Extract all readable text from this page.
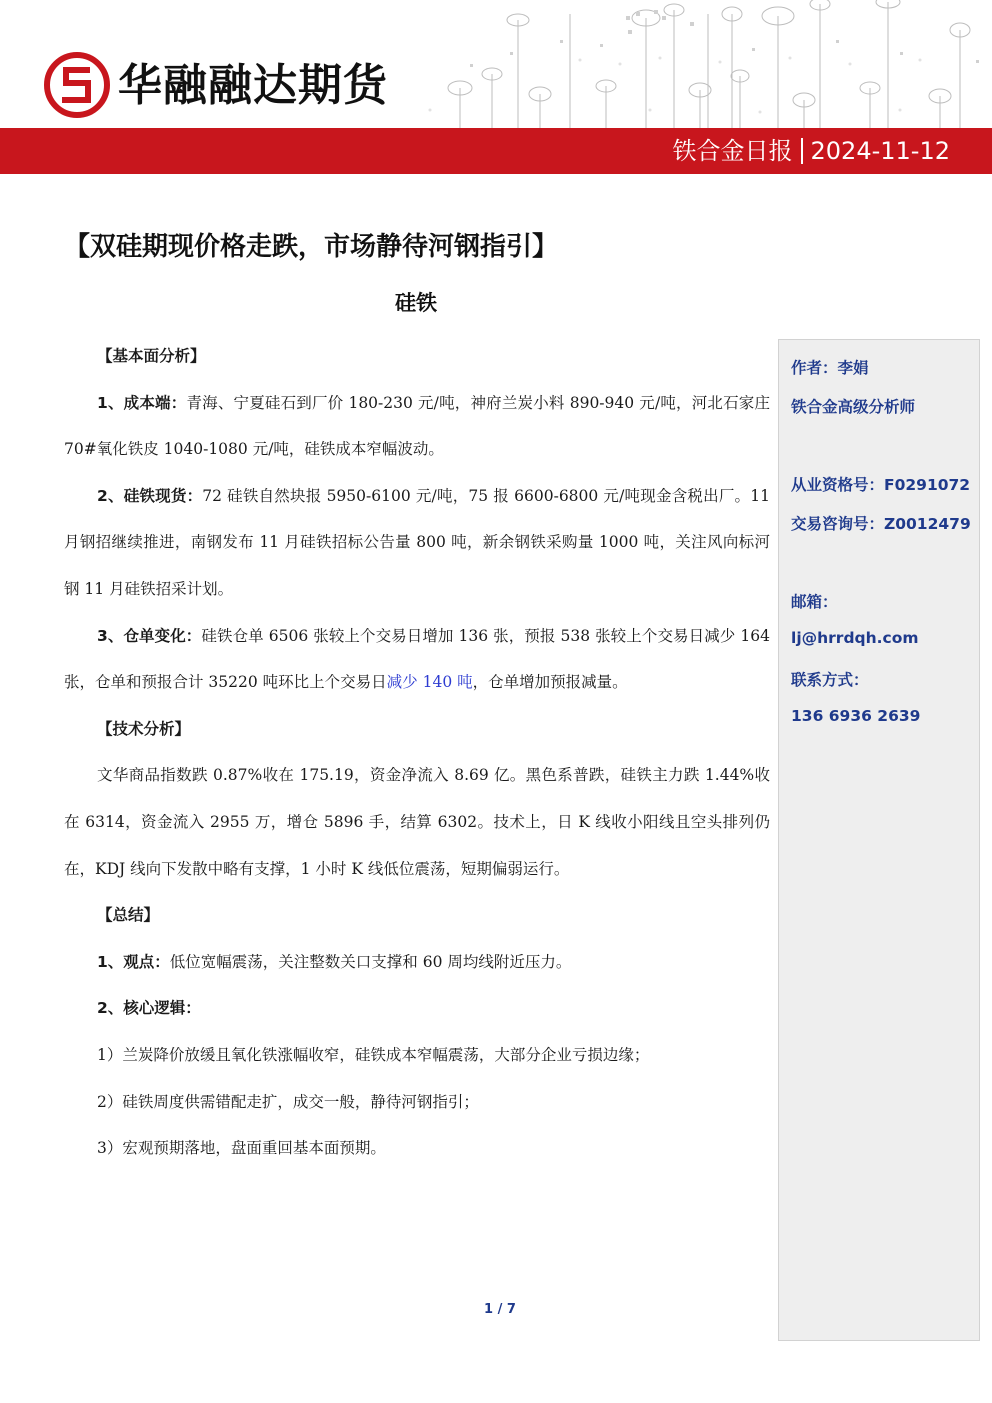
华融融达期货
铁合金日报 2024-11-12
【双硅期现价格走跌，市场静待河钢指引】
硅铁

【基本面分析】

1、成本端：青海、宁夏硅石到厂价 180-230 元/吨，神府兰炭小料 890-940 元/吨，河北石家庄 70#氧化铁皮 1040-1080 元/吨，硅铁成本窄幅波动。

2、硅铁现货：72 硅铁自然块报 5950-6100 元/吨，75 报 6600-6800 元/吨现金含税出厂。11 月钢招继续推进，南钢发布 11 月硅铁招标公告量 800 吨，新余钢铁采购量 1000 吨，关注风向标河钢 11 月硅铁招采计划。

3、仓单变化：硅铁仓单 6506 张较上个交易日增加 136 张，预报 538 张较上个交易日减少 164 张，仓单和预报合计 35220 吨环比上个交易日减少 140 吨，仓单增加预报减量。

【技术分析】

文华商品指数跌 0.87%收在 175.19，资金净流入 8.69 亿。黑色系普跌，硅铁主力跌 1.44%收在 6314，资金流入 2955 万，增仓 5896 手，结算 6302。技术上，日 K 线收小阳线且空头排列仍在，KDJ 线向下发散中略有支撑，1 小时 K 线低位震荡，短期偏弱运行。

【总结】

1、观点：低位宽幅震荡，关注整数关口支撑和 60 周均线附近压力。

2、核心逻辑：

1）兰炭降价放缓且氧化铁涨幅收窄，硅铁成本窄幅震荡，大部分企业亏损边缘；

2）硅铁周度供需错配走扩，成交一般，静待河钢指引；

3）宏观预期落地，盘面重回基本面预期。

作者：李娟
铁合金高级分析师
从业资格号：F0291072
交易咨询号：Z0012479
邮箱：
lj@hrrdqh.com
联系方式：
136 6936 2639
1 / 7
